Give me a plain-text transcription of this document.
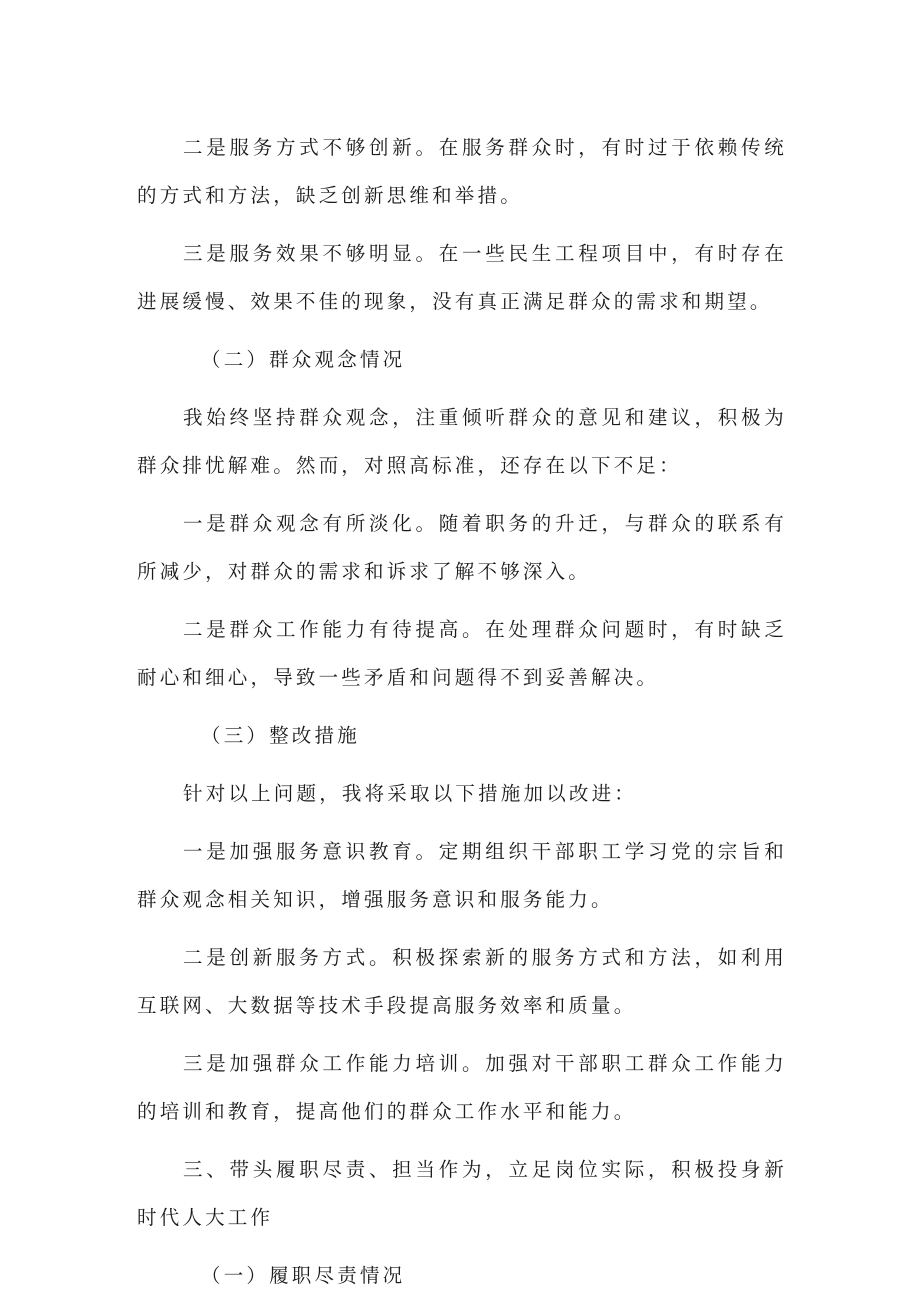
二是服务方式不够创新。在服务群众时，有时过于依赖传统的方式和方法，缺乏创新思维和举措。

三是服务效果不够明显。在一些民生工程项目中，有时存在进展缓慢、效果不佳的现象，没有真正满足群众的需求和期望。

（二）群众观念情况

我始终坚持群众观念，注重倾听群众的意见和建议，积极为群众排忧解难。然而，对照高标准，还存在以下不足：

一是群众观念有所淡化。随着职务的升迁，与群众的联系有所减少，对群众的需求和诉求了解不够深入。

二是群众工作能力有待提高。在处理群众问题时，有时缺乏耐心和细心，导致一些矛盾和问题得不到妥善解决。

（三）整改措施

针对以上问题，我将采取以下措施加以改进：

一是加强服务意识教育。定期组织干部职工学习党的宗旨和群众观念相关知识，增强服务意识和服务能力。

二是创新服务方式。积极探索新的服务方式和方法，如利用互联网、大数据等技术手段提高服务效率和质量。

三是加强群众工作能力培训。加强对干部职工群众工作能力的培训和教育，提高他们的群众工作水平和能力。

三、带头履职尽责、担当作为，立足岗位实际，积极投身新时代人大工作

（一）履职尽责情况
